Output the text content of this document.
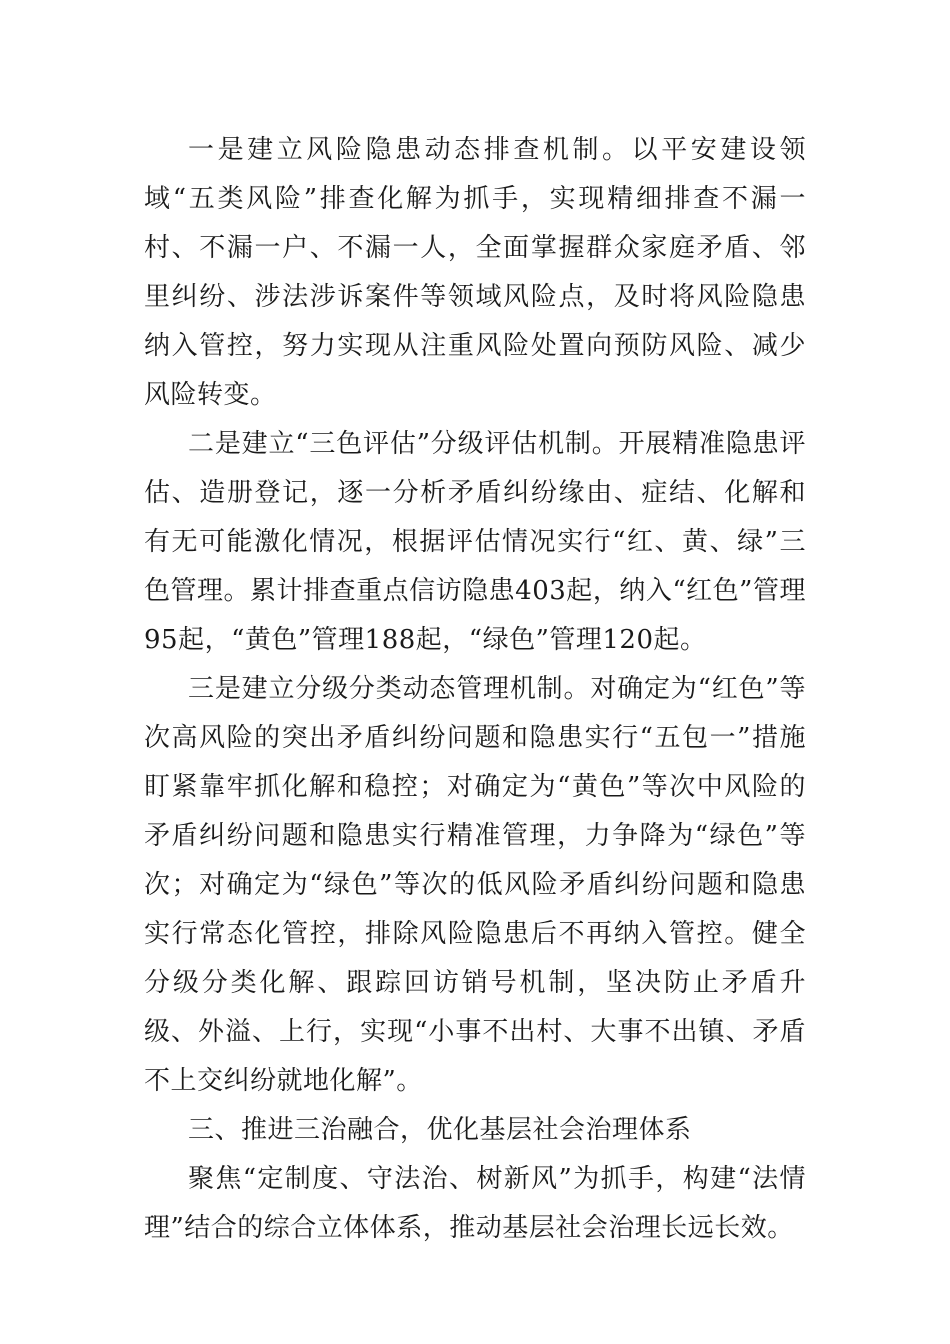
一是建立风险隐患动态排查机制。以平安建设领域“五类风险”排查化解为抓手，实现精细排查不漏一村、不漏一户、不漏一人，全面掌握群众家庭矛盾、邻里纠纷、涉法涉诉案件等领域风险点，及时将风险隐患纳入管控，努力实现从注重风险处置向预防风险、减少风险转变。

二是建立“三色评估”分级评估机制。开展精准隐患评估、造册登记，逐一分析矛盾纠纷缘由、症结、化解和有无可能激化情况，根据评估情况实行“红、黄、绿”三色管理。累计排查重点信访隐患403起，纳入“红色”管理95起，“黄色”管理188起，“绿色”管理120起。

三是建立分级分类动态管理机制。对确定为“红色”等次高风险的突出矛盾纠纷问题和隐患实行“五包一”措施盯紧靠牢抓化解和稳控；对确定为“黄色”等次中风险的矛盾纠纷问题和隐患实行精准管理，力争降为“绿色”等次；对确定为“绿色”等次的低风险矛盾纠纷问题和隐患实行常态化管控，排除风险隐患后不再纳入管控。健全分级分类化解、跟踪回访销号机制，坚决防止矛盾升级、外溢、上行，实现“小事不出村、大事不出镇、矛盾不上交纠纷就地化解”。

三、推进三治融合，优化基层社会治理体系

聚焦“定制度、守法治、树新风”为抓手，构建“法情理”结合的综合立体体系，推动基层社会治理长远长效。
